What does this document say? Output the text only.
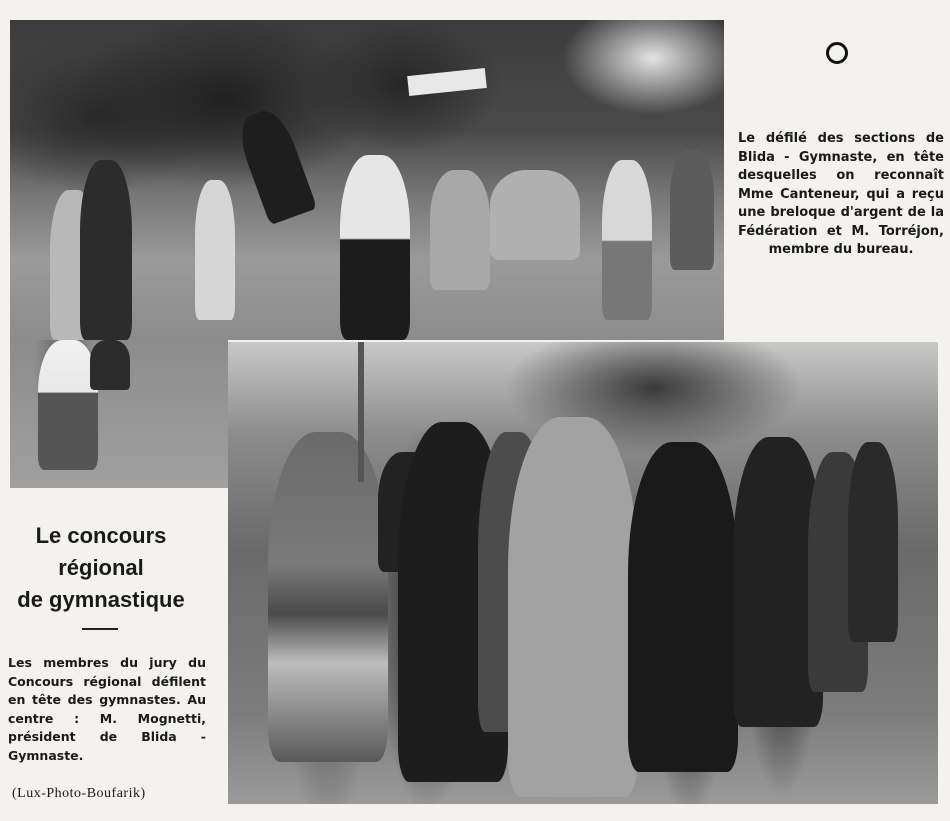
Le défilé des sections de Blida - Gymnaste, en tête desquelles on reconnaît Mme Canteneur, qui a reçu une breloque d'argent de la Fédération et M. Torréjon, membre du bureau.
Le concours
régional
de gymnastique
Les membres du jury du Concours régional défilent en tête des gymnastes. Au centre : M. Mognetti, président de Blida - Gymnaste.
(Lux-Photo-Boufarik)
